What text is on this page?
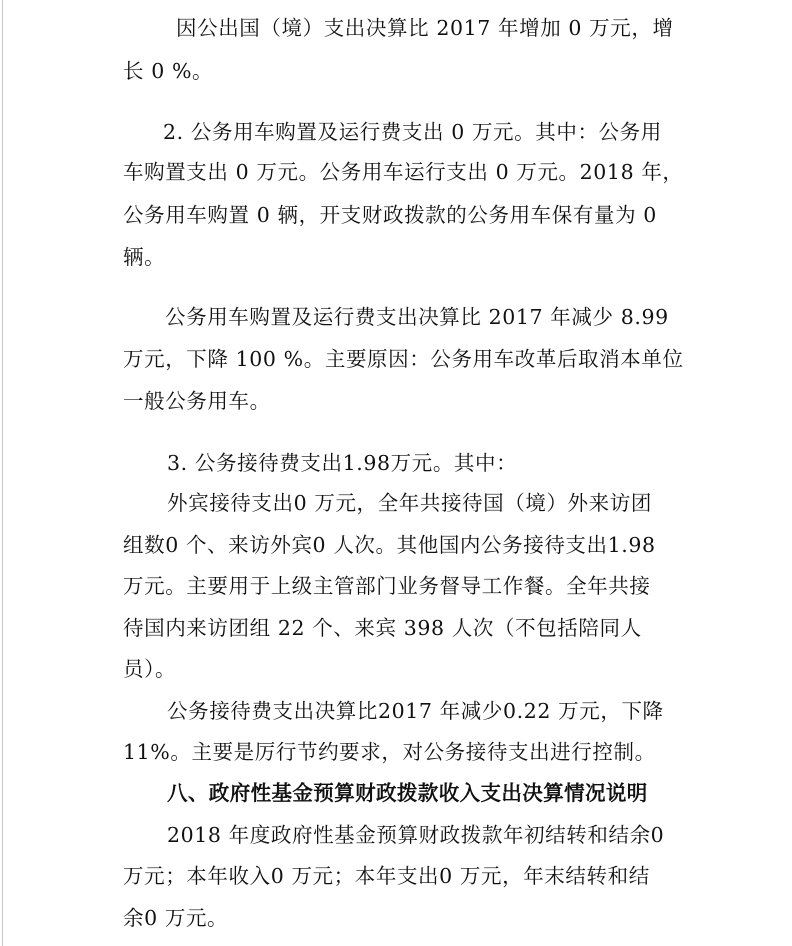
因公出国（境）支出决算比 2017 年增加 0 万元，增
长 0 %。
2. 公务用车购置及运行费支出 0 万元。其中：公务用
车购置支出 0 万元。公务用车运行支出 0 万元。2018 年，
公务用车购置 0 辆，开支财政拨款的公务用车保有量为 0
辆。
公务用车购置及运行费支出决算比 2017 年减少 8.99
万元，下降 100 %。主要原因：公务用车改革后取消本单位
一般公务用车。
3. 公务接待费支出1.98万元。其中：
外宾接待支出0 万元，全年共接待国（境）外来访团
组数0 个、来访外宾0 人次。其他国内公务接待支出1.98
万元。主要用于上级主管部门业务督导工作餐。全年共接
待国内来访团组 22 个、来宾 398 人次（不包括陪同人
员）。
公务接待费支出决算比2017 年减少0.22 万元，下降
11%。主要是厉行节约要求，对公务接待支出进行控制。
八、政府性基金预算财政拨款收入支出决算情况说明
2018 年度政府性基金预算财政拨款年初结转和结余0
万元；本年收入0 万元；本年支出0 万元，年末结转和结
余0 万元。
